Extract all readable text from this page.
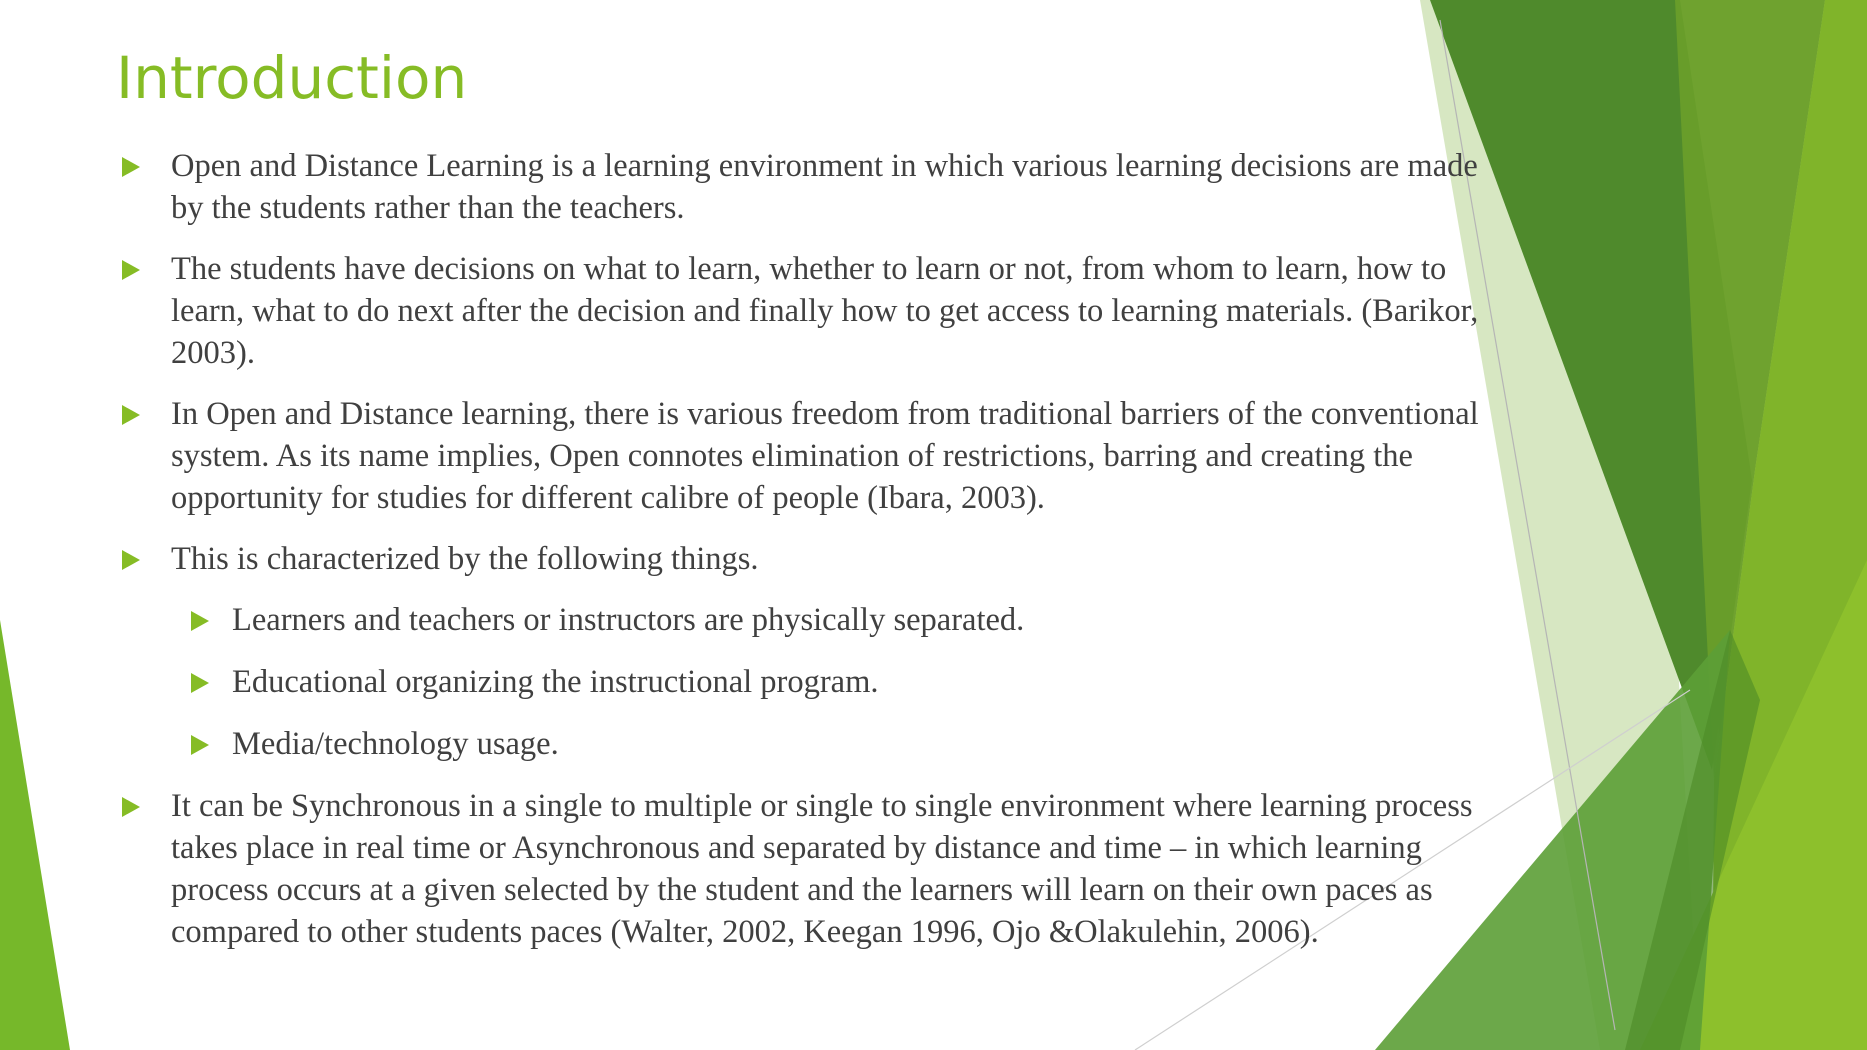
Introduction

Open and Distance Learning is a learning environment in which various learning decisions are made by the students rather than the teachers.

The students have decisions on what to learn, whether to learn or not, from whom to learn, how to learn, what to do next after the decision and finally how to get access to learning materials. (Barikor, 2003).

In Open and Distance learning, there is various freedom from traditional barriers of the conventional system. As its name implies, Open connotes elimination of restrictions, barring and creating the opportunity for studies for different calibre of people (Ibara, 2003).

This is characterized by the following things.

Learners and teachers or instructors are physically separated.

Educational organizing the instructional program.

Media/technology usage.

It can be Synchronous in a single to multiple or single to single environment where learning process takes place in real time or Asynchronous and separated by distance and time – in which learning process occurs at a given selected by the student and the learners will learn on their own paces as compared to other students paces (Walter, 2002, Keegan 1996, Ojo &Olakulehin, 2006).
